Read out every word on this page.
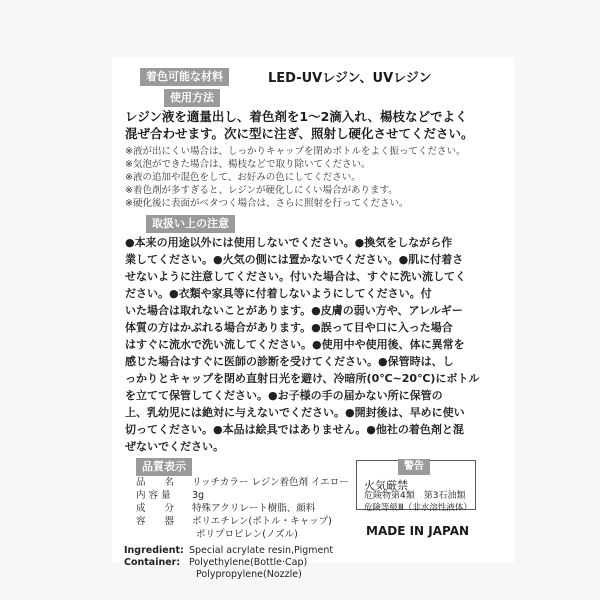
着色可能な材料	LED-UVレジン、UVレジン
使用方法
レジン液を適量出し、着色剤を1〜2滴入れ、楊枝などでよく
混ぜ合わせます。次に型に注ぎ、照射し硬化させてください。
※液が出にくい場合は、しっかりキャップを閉めボトルをよく振ってください。
※気泡ができた場合は、楊枝などで取り除いてください。
※液の追加や混色をして、お好みの色にしてください。
※着色剤が多すぎると、レジンが硬化しにくい場合があります。
※硬化後に表面がベタつく場合は、さらに照射を行ってください。
取扱い上の注意
●本来の用途以外には使用しないでください。●換気をしながら作
業してください。●火気の側には置かないでください。●肌に付着さ
せないように注意してください。付いた場合は、すぐに洗い流してく
ださい。●衣類や家具等に付着しないようにしてください。付
いた場合は取れないことがあります。●皮膚の弱い方や、アレルギー
体質の方はかぶれる場合があります。●誤って目や口に入った場合
はすぐに流水で洗い流してください。●使用中や使用後、体に異常を
感じた場合はすぐに医師の診断を受けてください。●保管時は、し
っかりとキャップを閉め直射日光を避け、冷暗所(0℃~20℃)にボトル
を立てて保管してください。●お子様の手の届かない所に保管の
上、乳幼児には絶対に与えないでください。●開封後は、早めに使い
切ってください。●本品は絵具ではありません。●他社の着色剤と混
ぜないでください。
品質表示
品　　名 リッチカラー レジン着色剤 イエロー
内 容 量 3g
成　　分 特殊アクリレート樹脂、顔料
容　　器 ポリエチレン(ボトル・キャップ)
ポリプロピレン(ノズル)
警告
火気厳禁
危険物第4類　第3石油類
危険等級Ⅲ（非水溶性液体）
Ingredient: Special acrylate resin,Pigment
Container: Polyethylene(Bottle·Cap)
Polypropylene(Nozzle)
MADE IN JAPAN
